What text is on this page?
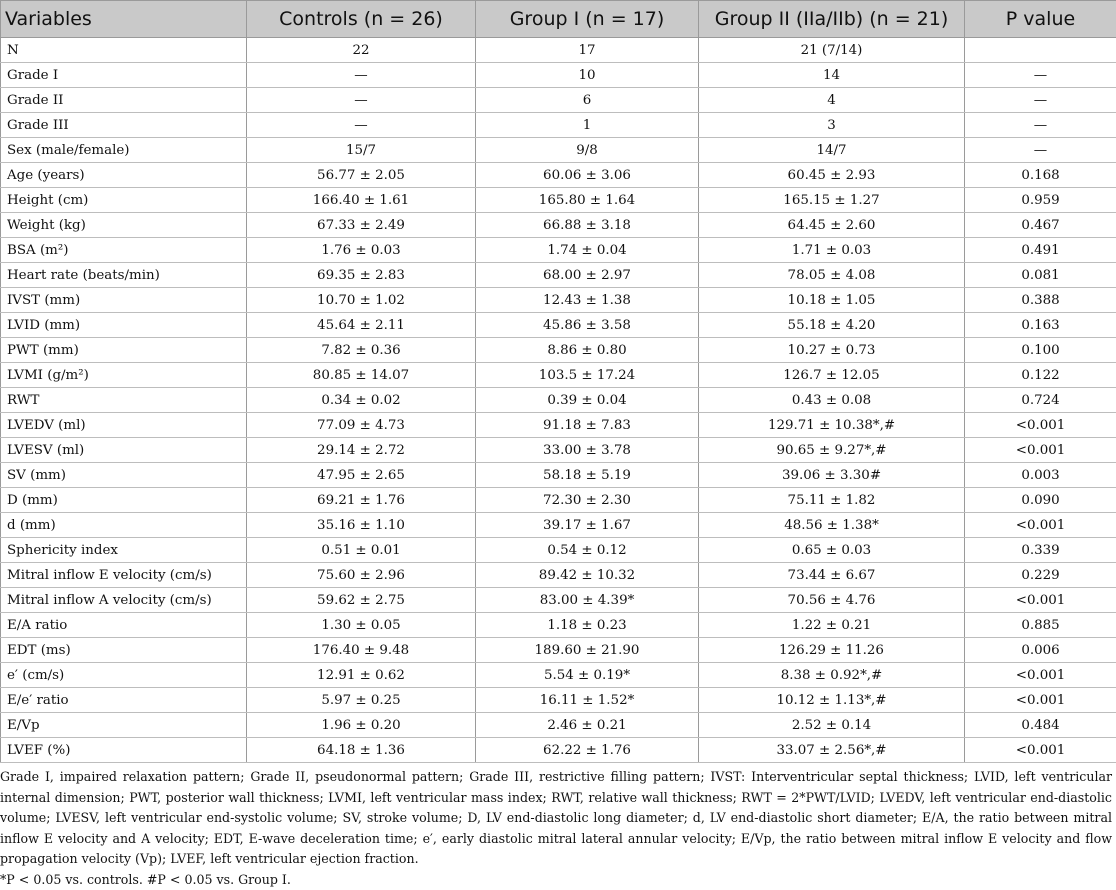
Variables	Controls (n = 26)	Group I (n = 17)	Group II (IIa/IIb) (n = 21)	P value
N	22	17	21 (7/14)	
Grade I	—	10	14	—
Grade II	—	6	4	—
Grade III	—	1	3	—
Sex (male/female)	15/7	9/8	14/7	—
Age (years)	56.77 ± 2.05	60.06 ± 3.06	60.45 ± 2.93	0.168
Height (cm)	166.40 ± 1.61	165.80 ± 1.64	165.15 ± 1.27	0.959
Weight (kg)	67.33 ± 2.49	66.88 ± 3.18	64.45 ± 2.60	0.467
BSA (m²)	1.76 ± 0.03	1.74 ± 0.04	1.71 ± 0.03	0.491
Heart rate (beats/min)	69.35 ± 2.83	68.00 ± 2.97	78.05 ± 4.08	0.081
IVST (mm)	10.70 ± 1.02	12.43 ± 1.38	10.18 ± 1.05	0.388
LVID (mm)	45.64 ± 2.11	45.86 ± 3.58	55.18 ± 4.20	0.163
PWT (mm)	7.82 ± 0.36	8.86 ± 0.80	10.27 ± 0.73	0.100
LVMI (g/m²)	80.85 ± 14.07	103.5 ± 17.24	126.7 ± 12.05	0.122
RWT	0.34 ± 0.02	0.39 ± 0.04	0.43 ± 0.08	0.724
LVEDV (ml)	77.09 ± 4.73	91.18 ± 7.83	129.71 ± 10.38*,#	<0.001
LVESV (ml)	29.14 ± 2.72	33.00 ± 3.78	90.65 ± 9.27*,#	<0.001
SV (mm)	47.95 ± 2.65	58.18 ± 5.19	39.06 ± 3.30#	0.003
D (mm)	69.21 ± 1.76	72.30 ± 2.30	75.11 ± 1.82	0.090
d (mm)	35.16 ± 1.10	39.17 ± 1.67	48.56 ± 1.38*	<0.001
Sphericity index	0.51 ± 0.01	0.54 ± 0.12	0.65 ± 0.03	0.339
Mitral inflow E velocity (cm/s)	75.60 ± 2.96	89.42 ± 10.32	73.44 ± 6.67	0.229
Mitral inflow A velocity (cm/s)	59.62 ± 2.75	83.00 ± 4.39*	70.56 ± 4.76	<0.001
E/A ratio	1.30 ± 0.05	1.18 ± 0.23	1.22 ± 0.21	0.885
EDT (ms)	176.40 ± 9.48	189.60 ± 21.90	126.29 ± 11.26	0.006
e′ (cm/s)	12.91 ± 0.62	5.54 ± 0.19*	8.38 ± 0.92*,#	<0.001
E/e′ ratio	5.97 ± 0.25	16.11 ± 1.52*	10.12 ± 1.13*,#	<0.001
E/Vp	1.96 ± 0.20	2.46 ± 0.21	2.52 ± 0.14	0.484
LVEF (%)	64.18 ± 1.36	62.22 ± 1.76	33.07 ± 2.56*,#	<0.001

Grade I, impaired relaxation pattern; Grade II, pseudonormal pattern; Grade III, restrictive filling pattern; IVST: Interventricular septal thickness; LVID, left ventricular internal dimension; PWT, posterior wall thickness; LVMI, left ventricular mass index; RWT, relative wall thickness; RWT = 2*PWT/LVID; LVEDV, left ventricular end-diastolic volume; LVESV, left ventricular end-systolic volume; SV, stroke volume; D, LV end-diastolic long diameter; d, LV end-diastolic short diameter; E/A, the ratio between mitral inflow E velocity and A velocity; EDT, E-wave deceleration time; e′, early diastolic mitral lateral annular velocity; E/Vp, the ratio between mitral inflow E velocity and flow propagation velocity (Vp); LVEF, left ventricular ejection fraction.

*P < 0.05 vs. controls. #P < 0.05 vs. Group I.
